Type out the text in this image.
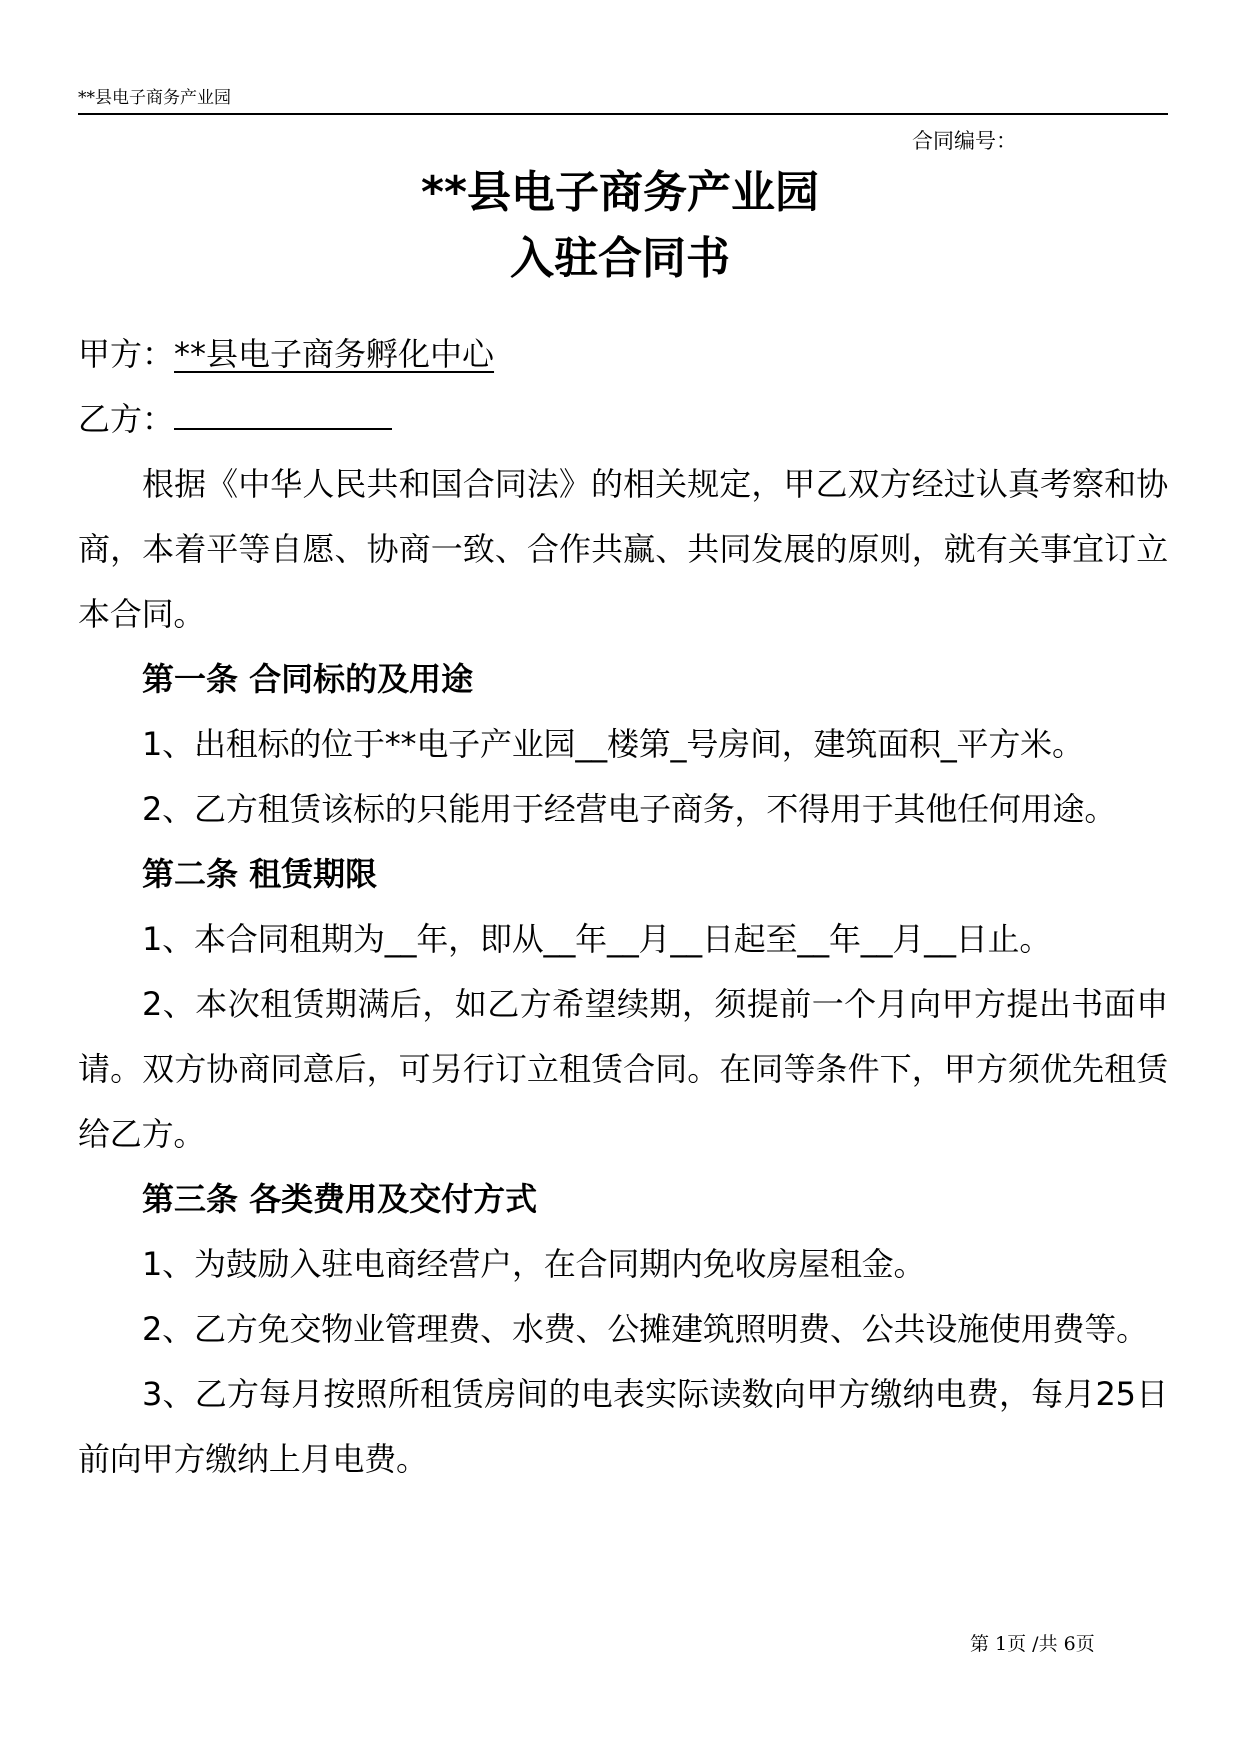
**县电子商务产业园
合同编号：
**县电子商务产业园
入驻合同书
甲方：**县电子商务孵化中心
乙方：
根据《中华人民共和国合同法》的相关规定，甲乙双方经过认真考察和协商，本着平等自愿、协商一致、合作共赢、共同发展的原则，就有关事宜订立本合同。
第一条 合同标的及用途
1、出租标的位于**电子产业园__楼第_号房间，建筑面积_平方米。
2、乙方租赁该标的只能用于经营电子商务，不得用于其他任何用途。
第二条 租赁期限
1、本合同租期为__年，即从__年__月__日起至__年__月__日止。
2、本次租赁期满后，如乙方希望续期，须提前一个月向甲方提出书面申请。双方协商同意后，可另行订立租赁合同。在同等条件下，甲方须优先租赁给乙方。
第三条 各类费用及交付方式
1、为鼓励入驻电商经营户，在合同期内免收房屋租金。
2、乙方免交物业管理费、水费、公摊建筑照明费、公共设施使用费等。
3、乙方每月按照所租赁房间的电表实际读数向甲方缴纳电费，每月25日前向甲方缴纳上月电费。
第 1页 /共 6页
